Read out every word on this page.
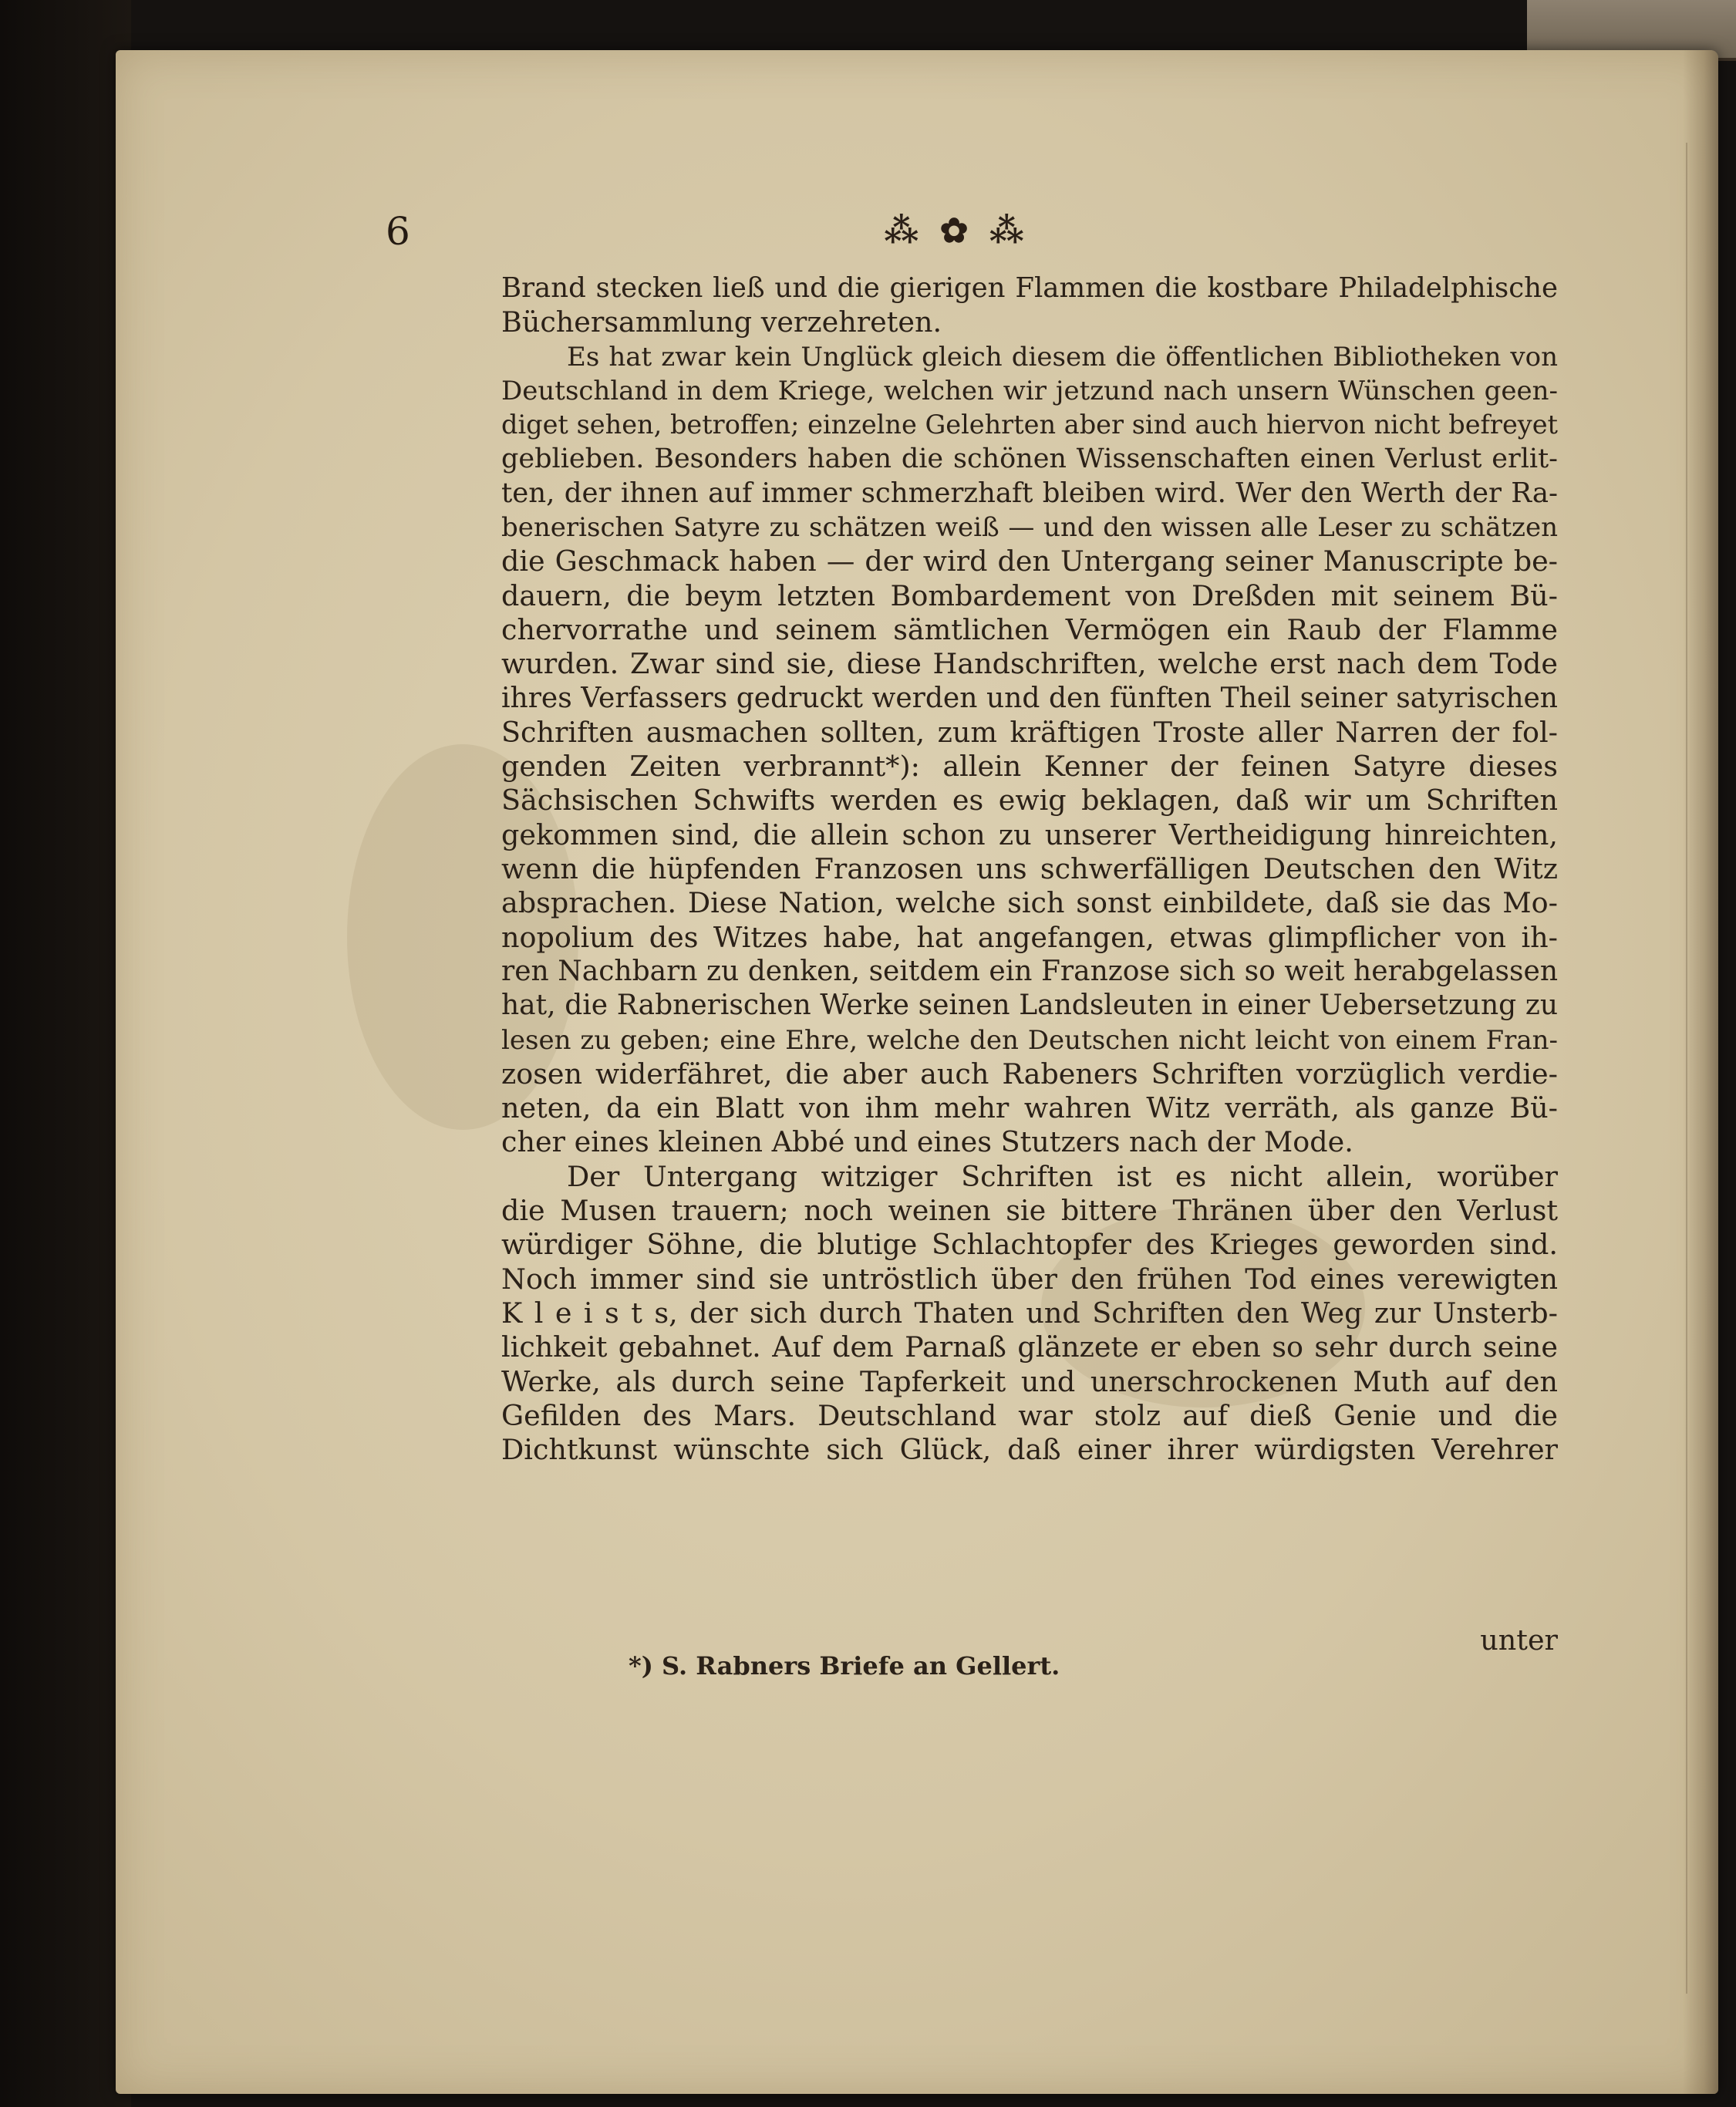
6	⁂ ✿ ⁂
Brand stecken ließ und die gierigen Flammen die kostbare Philadelphische
Büchersammlung verzehreten.
Es hat zwar kein Unglück gleich diesem die öffentlichen Bibliotheken von
Deutschland in dem Kriege, welchen wir jetzund nach unsern Wünschen geen-
diget sehen, betroffen; einzelne Gelehrten aber sind auch hiervon nicht befreyet
geblieben. Besonders haben die schönen Wissenschaften einen Verlust erlit-
ten, der ihnen auf immer schmerzhaft bleiben wird. Wer den Werth der Ra-
benerischen Satyre zu schätzen weiß — und den wissen alle Leser zu schätzen
die Geschmack haben — der wird den Untergang seiner Manuscripte be-
dauern, die beym letzten Bombardement von Dreßden mit seinem Bü-
chervorrathe und seinem sämtlichen Vermögen ein Raub der Flamme
wurden. Zwar sind sie, diese Handschriften, welche erst nach dem Tode
ihres Verfassers gedruckt werden und den fünften Theil seiner satyrischen
Schriften ausmachen sollten, zum kräftigen Troste aller Narren der fol-
genden Zeiten verbrannt*): allein Kenner der feinen Satyre dieses
Sächsischen Schwifts werden es ewig beklagen, daß wir um Schriften
gekommen sind, die allein schon zu unserer Vertheidigung hinreichten,
wenn die hüpfenden Franzosen uns schwerfälligen Deutschen den Witz
absprachen. Diese Nation, welche sich sonst einbildete, daß sie das Mo-
nopolium des Witzes habe, hat angefangen, etwas glimpflicher von ih-
ren Nachbarn zu denken, seitdem ein Franzose sich so weit herabgelassen
hat, die Rabnerischen Werke seinen Landsleuten in einer Uebersetzung zu
lesen zu geben; eine Ehre, welche den Deutschen nicht leicht von einem Fran-
zosen widerfähret, die aber auch Rabeners Schriften vorzüglich verdie-
neten, da ein Blatt von ihm mehr wahren Witz verräth, als ganze Bü-
cher eines kleinen Abbé und eines Stutzers nach der Mode.
Der Untergang witziger Schriften ist es nicht allein, worüber
die Musen trauern; noch weinen sie bittere Thränen über den Verlust
würdiger Söhne, die blutige Schlachtopfer des Krieges geworden sind.
Noch immer sind sie untröstlich über den frühen Tod eines verewigten
K l e i s t s, der sich durch Thaten und Schriften den Weg zur Unsterb-
lichkeit gebahnet. Auf dem Parnaß glänzete er eben so sehr durch seine
Werke, als durch seine Tapferkeit und unerschrockenen Muth auf den
Gefilden des Mars. Deutschland war stolz auf dieß Genie und die
Dichtkunst wünschte sich Glück, daß einer ihrer würdigsten Verehrer
unter
*) S. Rabners Briefe an Gellert.
